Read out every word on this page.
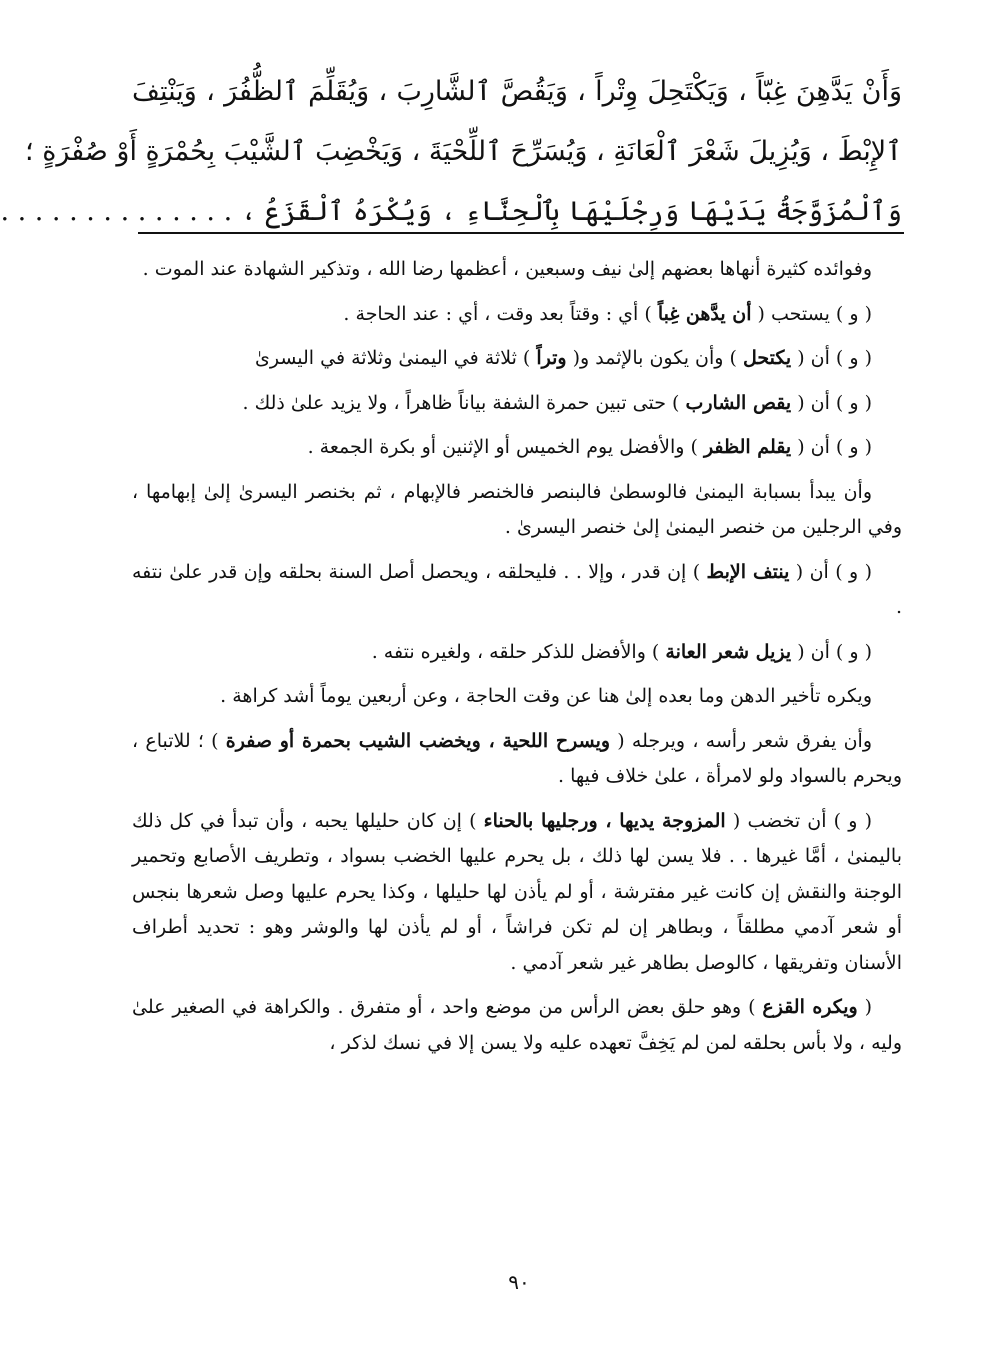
وَأَنْ يَدَّهِنَ غِبّاً ، وَيَكْتَحِلَ وِتْراً ، وَيَقُصَّ ٱلشَّارِبَ ، وَيُقَلِّمَ ٱلظُّفُرَ ، وَيَنْتِفَ
ٱلإِبْطَ ، وَيُزِيلَ شَعْرَ ٱلْعَانَةِ ، وَيُسَرِّحَ ٱللِّحْيَةَ ، وَيَخْضِبَ ٱلشَّيْبَ بِحُمْرَةٍ أَوْ صُفْرَةٍ ؛
وَٱلْمُزَوَّجَةُ يَدَيْهَا وَرِجْلَيْهَا بِٱلْحِنَّاءِ ، وَيُكْرَهُ ٱلْقَزَعُ ، . . . . . . . . . . . . . .

وفوائده كثيرة أنهاها بعضهم إلىٰ نيف وسبعين ، أعظمها رضا الله ، وتذكير الشهادة عند الموت .

( و ) يستحب ( أن يدَّهن غِباً ) أي : وقتاً بعد وقت ، أي : عند الحاجة .

( و ) أن ( يكتحل ) وأن يكون بالإثمد و( وتراً ) ثلاثة في اليمنىٰ وثلاثة في اليسرىٰ

( و ) أن ( يقص الشارب ) حتى تبين حمرة الشفة بياناً ظاهراً ، ولا يزيد علىٰ ذلك .

( و ) أن ( يقلم الظفر ) والأفضل يوم الخميس أو الإثنين أو بكرة الجمعة .

وأن يبدأ بسبابة اليمنىٰ فالوسطىٰ فالبنصر فالخنصر فالإبهام ، ثم بخنصر اليسرىٰ إلىٰ إبهامها ، وفي الرجلين من خنصر اليمنىٰ إلىٰ خنصر اليسرىٰ .

( و ) أن ( ينتف الإبط ) إن قدر ، وإلا . . فليحلقه ، ويحصل أصل السنة بحلقه وإن قدر علىٰ نتفه .

( و ) أن ( يزيل شعر العانة ) والأفضل للذكر حلقه ، ولغيره نتفه .

ويكره تأخير الدهن وما بعده إلىٰ هنا عن وقت الحاجة ، وعن أربعين يوماً أشد كراهة .

وأن يفرق شعر رأسه ، ويرجله ( ويسرح اللحية ، ويخضب الشيب بحمرة أو صفرة ) ؛ للاتباع ، ويحرم بالسواد ولو لامرأة ، علىٰ خلاف فيها .

( و ) أن تخضب ( المزوجة يديها ، ورجليها بالحناء ) إن كان حليلها يحبه ، وأن تبدأ في كل ذلك باليمنىٰ ، أمَّا غيرها . . فلا يسن لها ذلك ، بل يحرم عليها الخضب بسواد ، وتطريف الأصابع وتحمير الوجنة والنقش إن كانت غير مفترشة ، أو لم يأذن لها حليلها ، وكذا يحرم عليها وصل شعرها بنجس أو شعر آدمي مطلقاً ، وبطاهر إن لم تكن فراشاً ، أو لم يأذن لها والوشر وهو : تحديد أطراف الأسنان وتفريقها ، كالوصل بطاهر غير شعر آدمي .

( ويكره القزع ) وهو حلق بعض الرأس من موضع واحد ، أو متفرق . والكراهة في الصغير علىٰ وليه ، ولا بأس بحلقه لمن لم يَخِفَّ تعهده عليه ولا يسن إلا في نسك لذكر ،

٩٠
